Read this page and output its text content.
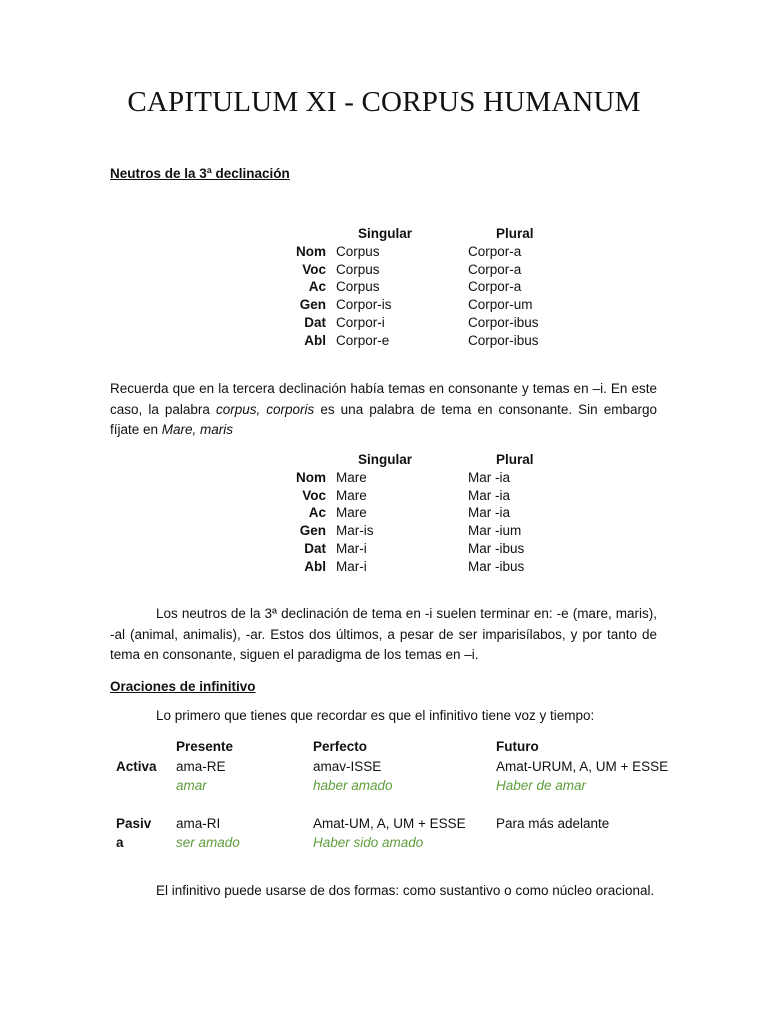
CAPITULUM XI - CORPUS HUMANUM
Neutros de la 3ª declinación
	Singular	Plural
Nom	Corpus	Corpor-a
Voc	Corpus	Corpor-a
Ac	Corpus	Corpor-a
Gen	Corpor-is	Corpor-um
Dat	Corpor-i	Corpor-ibus
Abl	Corpor-e	Corpor-ibus
Recuerda que en la tercera declinación había temas en consonante y temas en –i. En este caso, la palabra corpus, corporis es una palabra de tema en consonante. Sin embargo fíjate en Mare, maris
	Singular	Plural
Nom	Mare	Mar -ia
Voc	Mare	Mar -ia
Ac	Mare	Mar -ia
Gen	Mar-is	Mar -ium
Dat	Mar-i	Mar -ibus
Abl	Mar-i	Mar -ibus
Los neutros de la 3ª declinación de tema en -i suelen terminar en: -e (mare, maris), -al (animal, animalis), -ar. Estos dos últimos, a pesar de ser imparisílabos, y por tanto de tema en consonante, siguen el paradigma de los temas en –i.
Oraciones de infinitivo
Lo primero que tienes que recordar es que el infinitivo tiene voz y tiempo:
	Presente	Perfecto	Futuro
Activa	ama-RE	amav-ISSE	Amat-URUM, A, UM + ESSE
	amar	haber amado	Haber de amar

Pasiv	ama-RI	Amat-UM, A, UM + ESSE	Para más adelante
a	ser amado	Haber sido amado	
El infinitivo puede usarse de dos formas: como sustantivo o como núcleo oracional.
